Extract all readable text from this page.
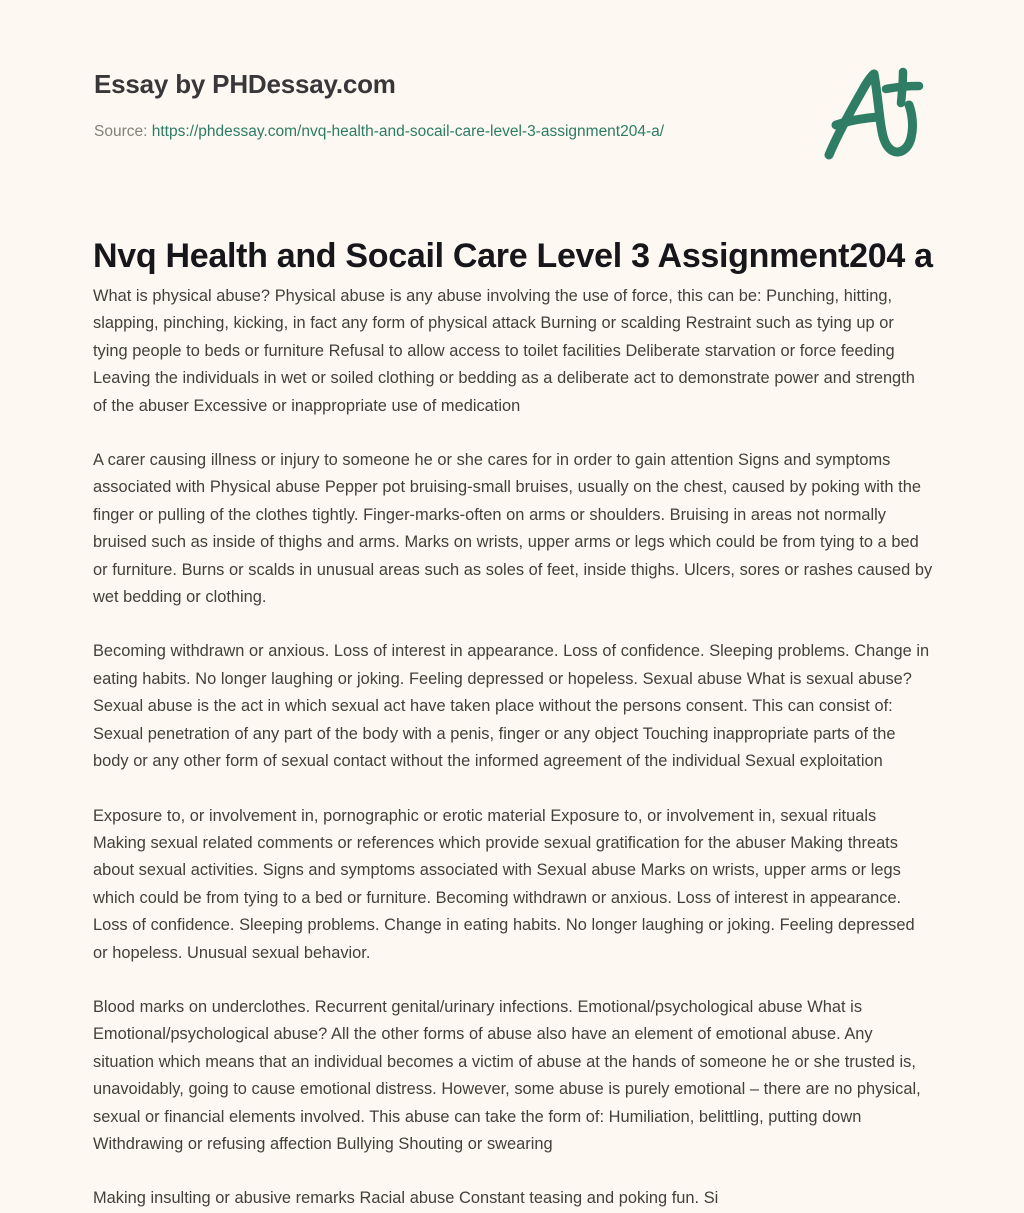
Essay by PHDessay.com
Source: https://phdessay.com/nvq-health-and-socail-care-level-3-assignment204-a/
Nvq Health and Socail Care Level 3 Assignment204 a

What is physical abuse? Physical abuse is any abuse involving the use of force, this can be: Punching, hitting, slapping, pinching, kicking, in fact any form of physical attack Burning or scalding Restraint such as tying up or tying people to beds or furniture Refusal to allow access to toilet facilities Deliberate starvation or force feeding Leaving the individuals in wet or soiled clothing or bedding as a deliberate act to demonstrate power and strength of the abuser Excessive or inappropriate use of medication

A carer causing illness or injury to someone he or she cares for in order to gain attention Signs and symptoms associated with Physical abuse Pepper pot bruising-small bruises, usually on the chest, caused by poking with the finger or pulling of the clothes tightly. Finger-marks-often on arms or shoulders. Bruising in areas not normally bruised such as inside of thighs and arms. Marks on wrists, upper arms or legs which could be from tying to a bed or furniture. Burns or scalds in unusual areas such as soles of feet, inside thighs. Ulcers, sores or rashes caused by wet bedding or clothing.

Becoming withdrawn or anxious. Loss of interest in appearance. Loss of confidence. Sleeping problems. Change in eating habits. No longer laughing or joking. Feeling depressed or hopeless. Sexual abuse What is sexual abuse? Sexual abuse is the act in which sexual act have taken place without the persons consent. This can consist of: Sexual penetration of any part of the body with a penis, finger or any object Touching inappropriate parts of the body or any other form of sexual contact without the informed agreement of the individual Sexual exploitation

Exposure to, or involvement in, pornographic or erotic material Exposure to, or involvement in, sexual rituals Making sexual related comments or references which provide sexual gratification for the abuser Making threats about sexual activities. Signs and symptoms associated with Sexual abuse Marks on wrists, upper arms or legs which could be from tying to a bed or furniture. Becoming withdrawn or anxious. Loss of interest in appearance. Loss of confidence. Sleeping problems. Change in eating habits. No longer laughing or joking. Feeling depressed or hopeless. Unusual sexual behavior.

Blood marks on underclothes. Recurrent genital/urinary infections. Emotional/psychological abuse What is Emotional/psychological abuse? All the other forms of abuse also have an element of emotional abuse. Any situation which means that an individual becomes a victim of abuse at the hands of someone he or she trusted is, unavoidably, going to cause emotional distress. However, some abuse is purely emotional – there are no physical, sexual or financial elements involved. This abuse can take the form of: Humiliation, belittling, putting down Withdrawing or refusing affection Bullying Shouting or swearing

Making insulting or abusive remarks Racial abuse Constant teasing and poking fun. Si
